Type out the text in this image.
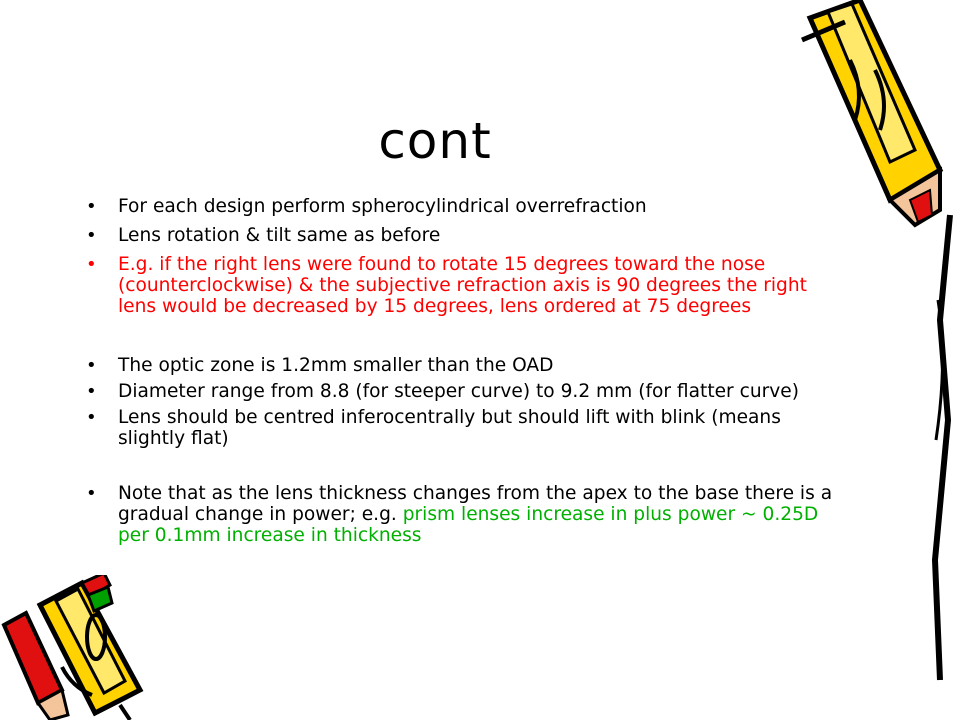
cont
• For each design perform spherocylindrical overrefraction
• Lens rotation & tilt same as before
• E.g. if the right lens were found to rotate 15 degrees toward the nose (counterclockwise) & the subjective refraction axis is 90 degrees the right lens would be decreased by 15 degrees, lens ordered at 75 degrees
• The optic zone is 1.2mm smaller than the OAD
• Diameter range from 8.8 (for steeper curve) to 9.2 mm (for flatter curve)
• Lens should be centred inferocentrally but should lift with blink (means slightly flat)
• Note that as the lens thickness changes from the apex to the base there is a gradual change in power; e.g. prism lenses increase in plus power ~ 0.25D per 0.1mm increase in thickness
